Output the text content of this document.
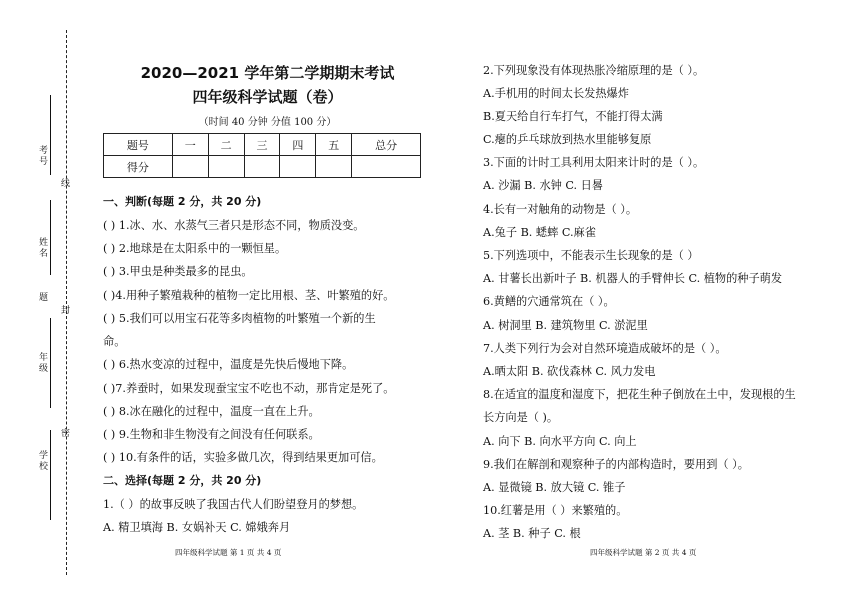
考号
线
姓名
题
封
年级
密
学校
2020—2021 学年第二学期期末考试
四年级科学试题（卷）
（时间 40 分钟 分值 100 分）
题号	一	二	三	四	五	总分
得分						
一、判断(每题 2 分，共 20 分)
( ) 1.冰、水、水蒸气三者只是形态不同，物质没变。
( ) 2.地球是在太阳系中的一颗恒星。
( ) 3.甲虫是种类最多的昆虫。
( )4.用种子繁殖栽种的植物一定比用根、茎、叶繁殖的好。
( ) 5.我们可以用宝石花等多肉植物的叶繁殖一个新的生
命。
( ) 6.热水变凉的过程中，温度是先快后慢地下降。
( )7.养蚕时，如果发现蚕宝宝不吃也不动，那肯定是死了。
( ) 8.冰在融化的过程中，温度一直在上升。
( ) 9.生物和非生物没有之间没有任何联系。
( ) 10.有条件的话，实验多做几次，得到结果更加可信。
二、选择(每题 2 分，共 20 分)
1.（ ）的故事反映了我国古代人们盼望登月的梦想。
A. 精卫填海 B. 女娲补天 C. 嫦娥奔月
2.下列现象没有体现热胀冷缩原理的是（ ）。
A.手机用的时间太长发热爆炸
B.夏天给自行车打气，不能打得太满
C.瘪的乒乓球放到热水里能够复原
3.下面的计时工具利用太阳来计时的是（ ）。
A. 沙漏 B. 水钟 C. 日晷
4.长有一对触角的动物是（ ）。
A.兔子 B. 蟋蟀 C.麻雀
5.下列选项中，不能表示生长现象的是（ ）
A. 甘薯长出新叶子 B. 机器人的手臂伸长 C. 植物的种子萌发
6.黄鳝的穴通常筑在（ ）。
A. 树洞里 B. 建筑物里 C. 淤泥里
7.人类下列行为会对自然环境造成破坏的是（ ）。
A.晒太阳 B. 砍伐森林 C. 风力发电
8.在适宜的温度和湿度下，把花生种子倒放在土中，发现根的生
长方向是（ )。
A. 向下 B. 向水平方向 C. 向上
9.我们在解剖和观察种子的内部构造时，要用到（ ）。
A. 显微镜 B. 放大镜 C. 锥子
10.红薯是用（ ）来繁殖的。
A. 茎 B. 种子 C. 根
四年级科学试题 第 1 页 共 4 页	四年级科学试题 第 2 页 共 4 页
